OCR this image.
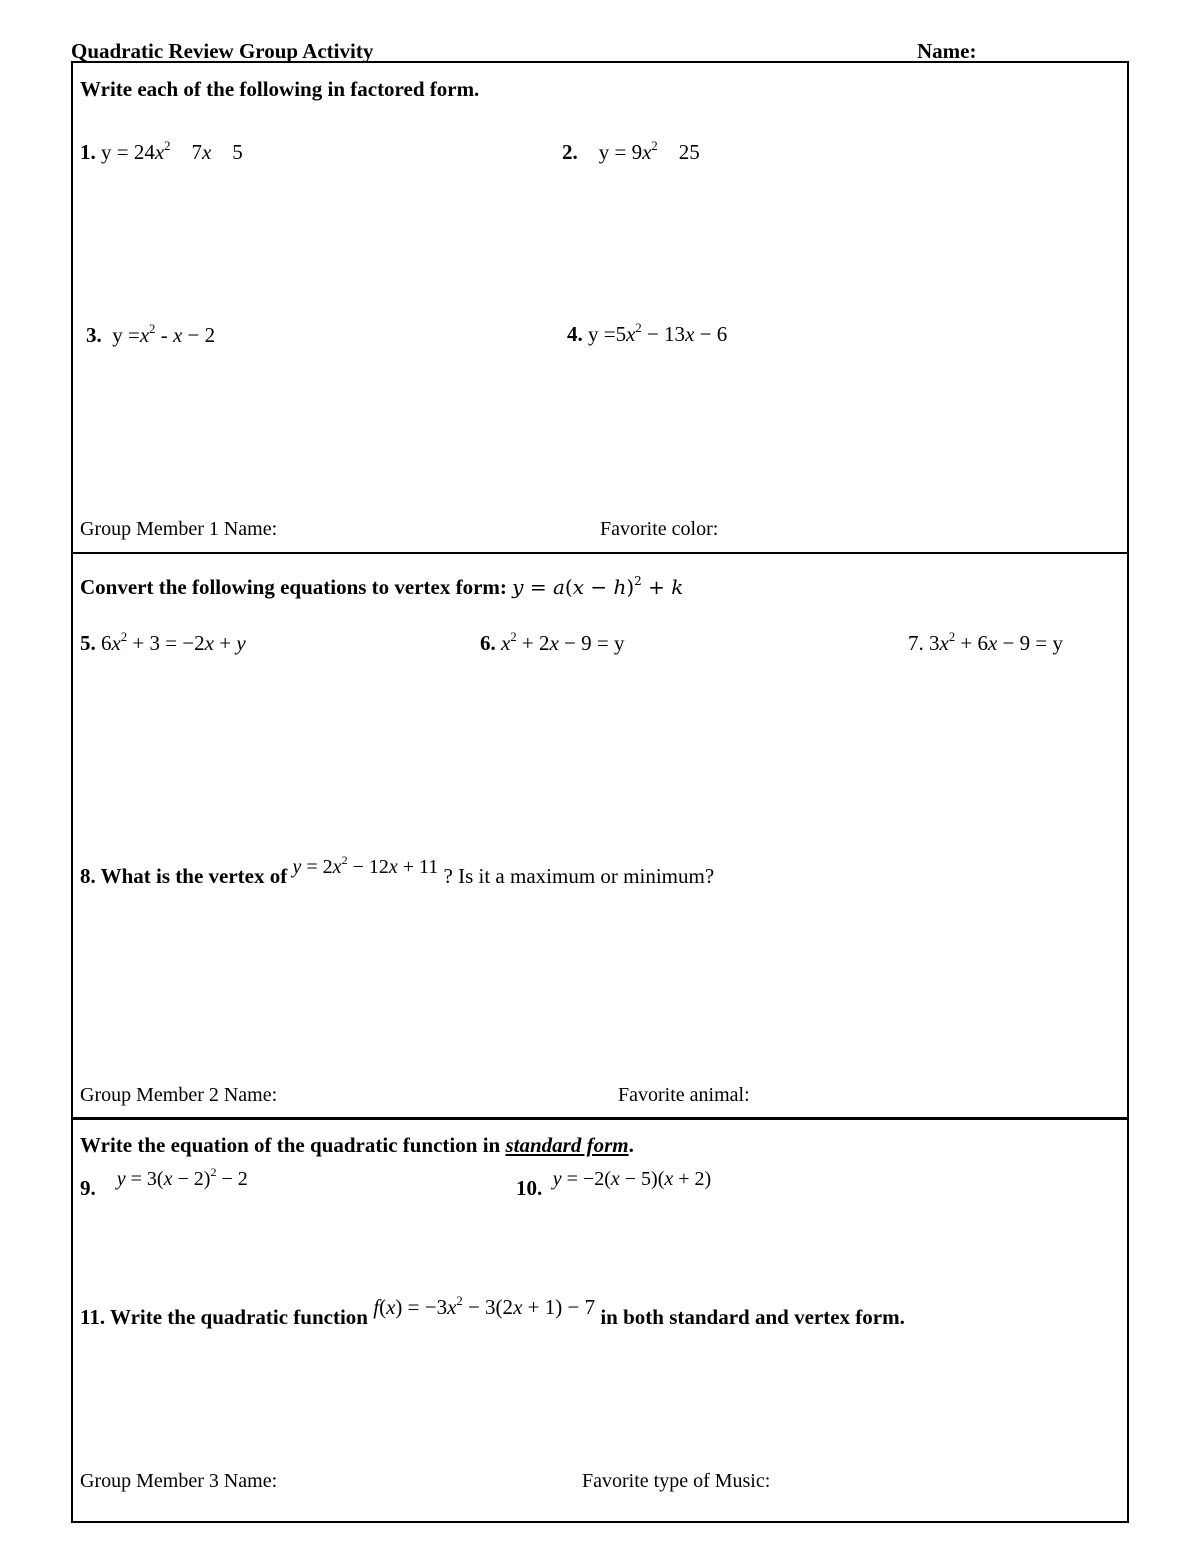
Quadratic Review Group Activity	Name:
Write each of the following in factored form.
1. $y = 24x^2$ 7x    5	2. $y = 9x^2$ 25
3. $y =x^2 - x - 2$	4. $y =5x^2 - 13x - 6$
Group Member 1 Name:	Favorite color:
Convert the following equations to vertex form: $y = a(x - h)^2 + k$
5. $6x^2 + 3 = -2x + y$	6. $x^2 + 2x - 9 = y$	7. $3x^2 + 6x - 9 = y$
8. What is the vertex of $y = 2x^2 - 12x + 11$ ? Is it a maximum or minimum?
Group Member 2 Name:	Favorite animal:
Write the equation of the quadratic function in standard form.
9. $y = 3(x - 2)^2 - 2$	10. y = −2(x − 5)(x + 2)
11. Write the quadratic function $f(x) = -3x^2 - 3(2x + 1) - 7$ in both standard and vertex form.
Group Member 3 Name:	Favorite type of Music:
